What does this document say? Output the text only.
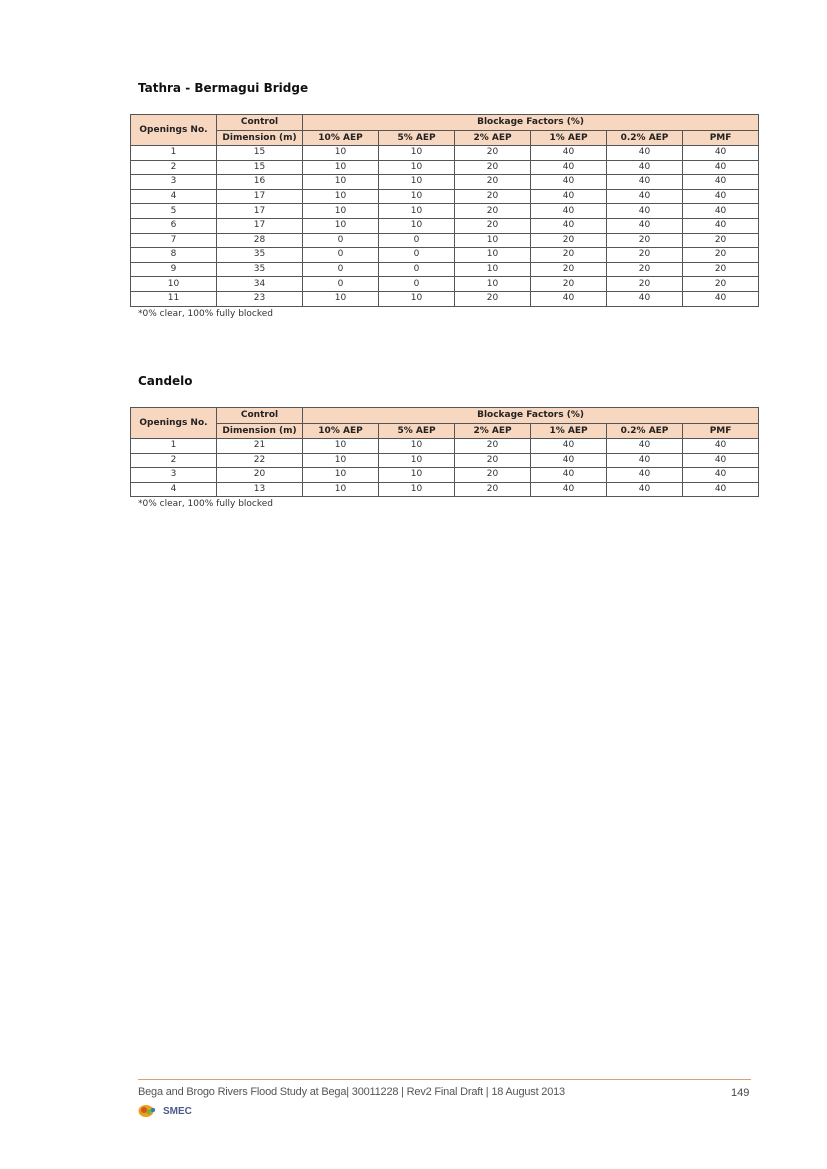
Tathra - Bermagui Bridge
Openings No.	Control	Blockage Factors (%)					
	Dimension (m)	10% AEP	5% AEP	2% AEP	1% AEP	0.2% AEP	PMF
1	15	10	10	20	40	40	40
2	15	10	10	20	40	40	40
3	16	10	10	20	40	40	40
4	17	10	10	20	40	40	40
5	17	10	10	20	40	40	40
6	17	10	10	20	40	40	40
7	28	0	0	10	20	20	20
8	35	0	0	10	20	20	20
9	35	0	0	10	20	20	20
10	34	0	0	10	20	20	20
11	23	10	10	20	40	40	40
*0% clear, 100% fully blocked
Candelo
Openings No.	Control	Blockage Factors (%)					
	Dimension (m)	10% AEP	5% AEP	2% AEP	1% AEP	0.2% AEP	PMF
1	21	10	10	20	40	40	40
2	22	10	10	20	40	40	40
3	20	10	10	20	40	40	40
4	13	10	10	20	40	40	40
*0% clear, 100% fully blocked
Bega and Brogo Rivers Flood Study at Bega| 30011228 | Rev2 Final Draft | 18 August 2013	149
SMEC
